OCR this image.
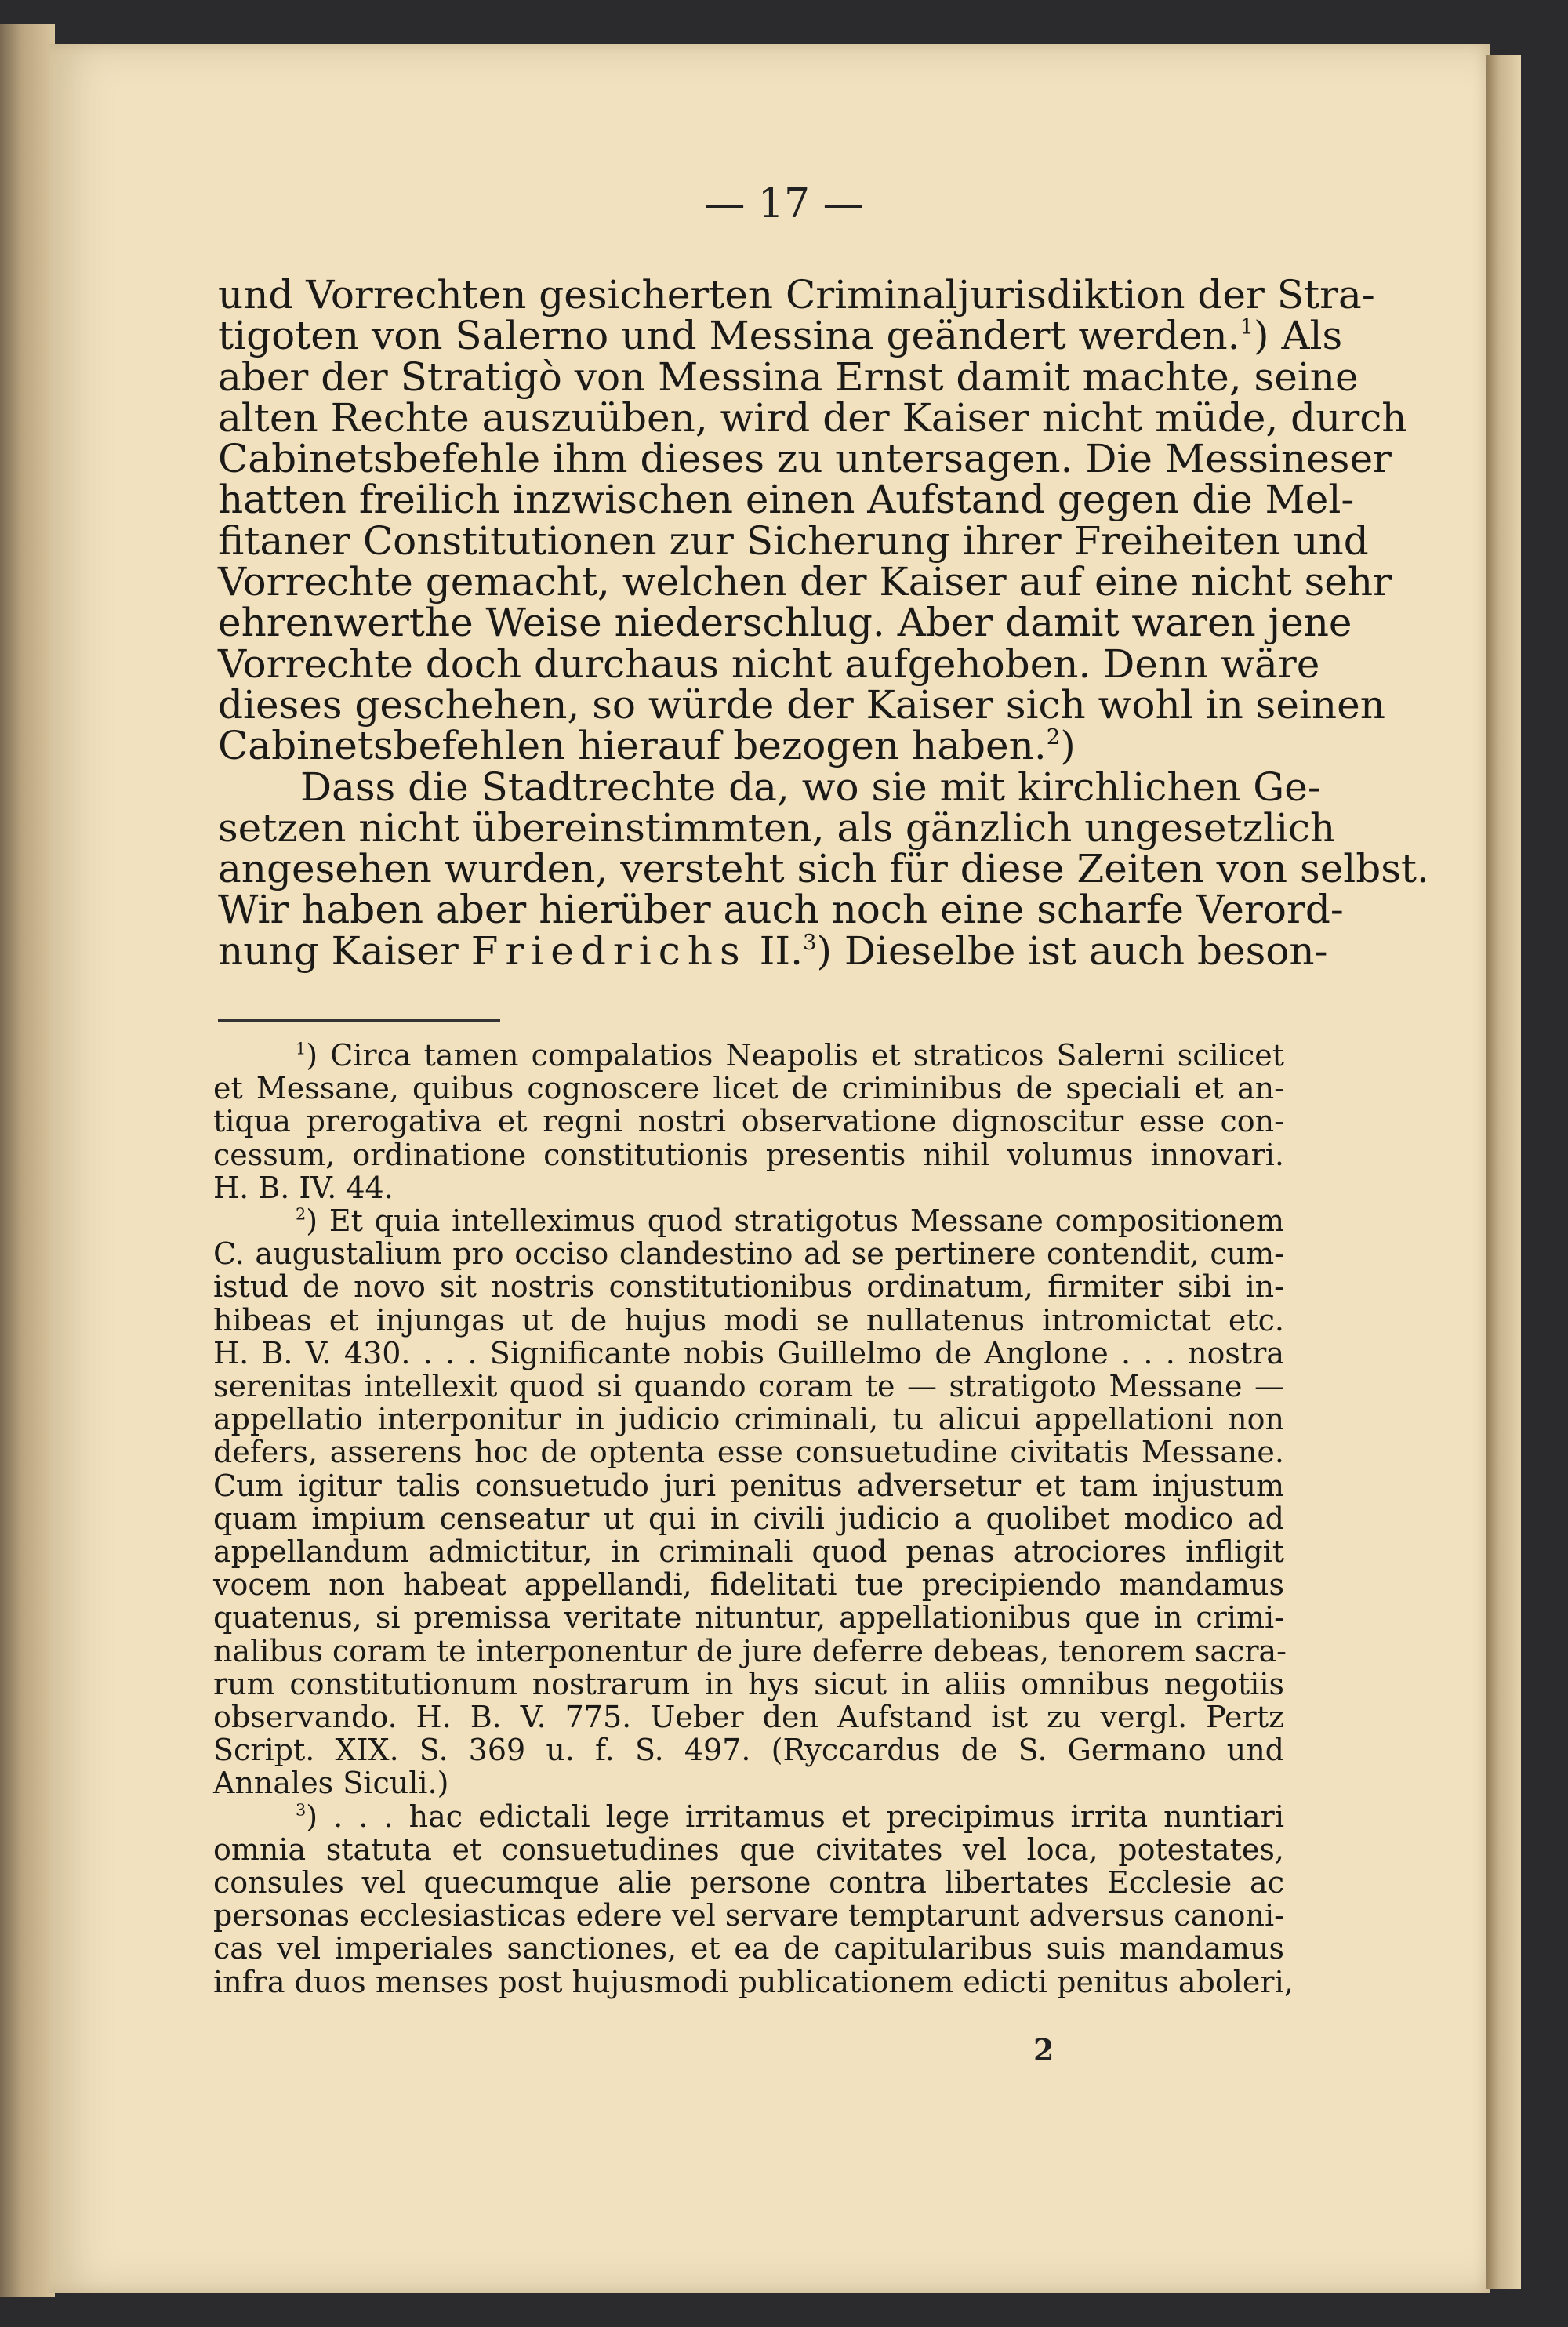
— 17 —
und Vorrechten gesicherten Criminaljurisdiktion der Stra-
tigoten von Salerno und Messina geändert werden.$^1$) Als
aber der Stratigò von Messina Ernst damit machte, seine
alten Rechte auszuüben, wird der Kaiser nicht müde, durch
Cabinetsbefehle ihm dieses zu untersagen. Die Messineser
hatten freilich inzwischen einen Aufstand gegen die Mel-
fitaner Constitutionen zur Sicherung ihrer Freiheiten und
Vorrechte gemacht, welchen der Kaiser auf eine nicht sehr
ehrenwerthe Weise niederschlug. Aber damit waren jene
Vorrechte doch durchaus nicht aufgehoben. Denn wäre
dieses geschehen, so würde der Kaiser sich wohl in seinen
Cabinetsbefehlen hierauf bezogen haben.$^2$)
Dass die Stadtrechte da, wo sie mit kirchlichen Ge-
setzen nicht übereinstimmten, als gänzlich ungesetzlich
angesehen wurden, versteht sich für diese Zeiten von selbst.
Wir haben aber hierüber auch noch eine scharfe Verord-
nung Kaiser Friedrichs II.$^3$) Dieselbe ist auch beson-
$^1$) Circa tamen compalatios Neapolis et straticos Salerni scilicet
et Messane, quibus cognoscere licet de criminibus de speciali et an-
tiqua prerogativa et regni nostri observatione dignoscitur esse con-
cessum, ordinatione constitutionis presentis nihil volumus innovari.
H. B. IV. 44.
$^2$) Et quia intelleximus quod stratigotus Messane compositionem
C. augustalium pro occiso clandestino ad se pertinere contendit, cum-
istud de novo sit nostris constitutionibus ordinatum, firmiter sibi in-
hibeas et injungas ut de hujus modi se nullatenus intromictat etc.
H. B. V. 430. . . . Significante nobis Guillelmo de Anglone . . . nostra
serenitas intellexit quod si quando coram te — stratigoto Messane —
appellatio interponitur in judicio criminali, tu alicui appellationi non
defers, asserens hoc de optenta esse consuetudine civitatis Messane.
Cum igitur talis consuetudo juri penitus adversetur et tam injustum
quam impium censeatur ut qui in civili judicio a quolibet modico ad
appellandum admictitur, in criminali quod penas atrociores infligit
vocem non habeat appellandi, fidelitati tue precipiendo mandamus
quatenus, si premissa veritate nituntur, appellationibus que in crimi-
nalibus coram te interponentur de jure deferre debeas, tenorem sacra-
rum constitutionum nostrarum in hys sicut in aliis omnibus negotiis
observando. H. B. V. 775. Ueber den Aufstand ist zu vergl. Pertz
Script. XIX. S. 369 u. f. S. 497. (Ryccardus de S. Germano und
Annales Siculi.)
$^3$) . . . hac edictali lege irritamus et precipimus irrita nuntiari
omnia statuta et consuetudines que civitates vel loca, potestates,
consules vel quecumque alie persone contra libertates Ecclesie ac
personas ecclesiasticas edere vel servare temptarunt adversus canoni-
cas vel imperiales sanctiones, et ea de capitularibus suis mandamus
infra duos menses post hujusmodi publicationem edicti penitus aboleri,
2
